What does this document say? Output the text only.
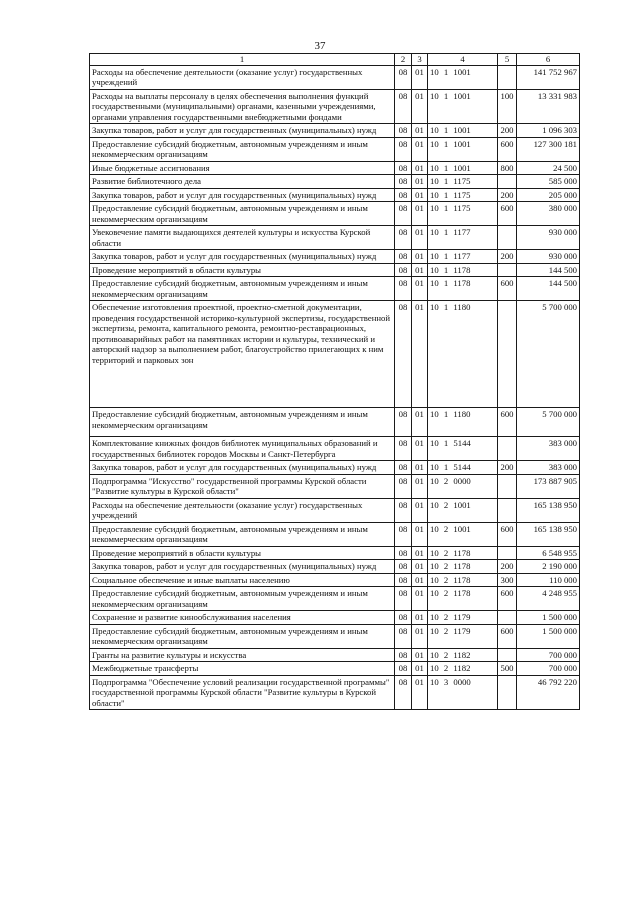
37
1	2	3	4	5	6
Расходы на обеспечение деятельности (оказание услуг) государственных учреждений	08	01	10 1 1001		141 752 967
Расходы на выплаты персоналу в целях обеспечения выполнения функций государственными (муниципальными) органами, казенными учреждениями, органами управления государственными внебюджетными фондами	08	01	10 1 1001	100	13 331 983
Закупка товаров, работ и услуг для государственных (муниципальных) нужд	08	01	10 1 1001	200	1 096 303
Предоставление субсидий бюджетным, автономным учреждениям и иным некоммерческим организациям	08	01	10 1 1001	600	127 300 181
Иные бюджетные ассигнования	08	01	10 1 1001	800	24 500
Развитие библиотечного дела	08	01	10 1 1175		585 000
Закупка товаров, работ и услуг для государственных (муниципальных) нужд	08	01	10 1 1175	200	205 000
Предоставление субсидий бюджетным, автономным учреждениям и иным некоммерческим организациям	08	01	10 1 1175	600	380 000
Увековечение памяти выдающихся деятелей культуры и искусства Курской области	08	01	10 1 1177		930 000
Закупка товаров, работ и услуг для государственных (муниципальных) нужд	08	01	10 1 1177	200	930 000
Проведение мероприятий в области культуры	08	01	10 1 1178		144 500
Предоставление субсидий бюджетным, автономным учреждениям и иным некоммерческим организациям	08	01	10 1 1178	600	144 500
Обеспечение изготовления проектной, проектно-сметной документации, проведения государственной историко-культурной экспертизы, государственной экспертизы, ремонта, капитального ремонта, ремонтно-реставрационных, противоаварийных работ на памятниках истории и культуры, технический и авторский надзор за выполнением работ, благоустройство прилегающих к ним территорий и парковых зон	08	01	10 1 1180		5 700 000
Предоставление субсидий бюджетным, автономным учреждениям и иным некоммерческим организациям	08	01	10 1 1180	600	5 700 000
Комплектование книжных фондов библиотек муниципальных образований и государственных библиотек городов Москвы и Санкт-Петербурга	08	01	10 1 5144		383 000
Закупка товаров, работ и услуг для государственных (муниципальных) нужд	08	01	10 1 5144	200	383 000
Подпрограмма "Искусство" государственной программы Курской области "Развитие культуры в Курской области"	08	01	10 2 0000		173 887 905
Расходы на обеспечение деятельности (оказание услуг) государственных учреждений	08	01	10 2 1001		165 138 950
Предоставление субсидий бюджетным, автономным учреждениям и иным некоммерческим организациям	08	01	10 2 1001	600	165 138 950
Проведение мероприятий в области культуры	08	01	10 2 1178		6 548 955
Закупка товаров, работ и услуг для государственных (муниципальных) нужд	08	01	10 2 1178	200	2 190 000
Социальное обеспечение и иные выплаты населению	08	01	10 2 1178	300	110 000
Предоставление субсидий бюджетным, автономным учреждениям и иным некоммерческим организациям	08	01	10 2 1178	600	4 248 955
Сохранение и развитие кинообслуживания населения	08	01	10 2 1179		1 500 000
Предоставление субсидий бюджетным, автономным учреждениям и иным некоммерческим организациям	08	01	10 2 1179	600	1 500 000
Гранты на развитие культуры и искусства	08	01	10 2 1182		700 000
Межбюджетные трансферты	08	01	10 2 1182	500	700 000
Подпрограмма "Обеспечение условий реализации государственной программы" государственной программы Курской области "Развитие культуры в Курской области"	08	01	10 3 0000		46 792 220
